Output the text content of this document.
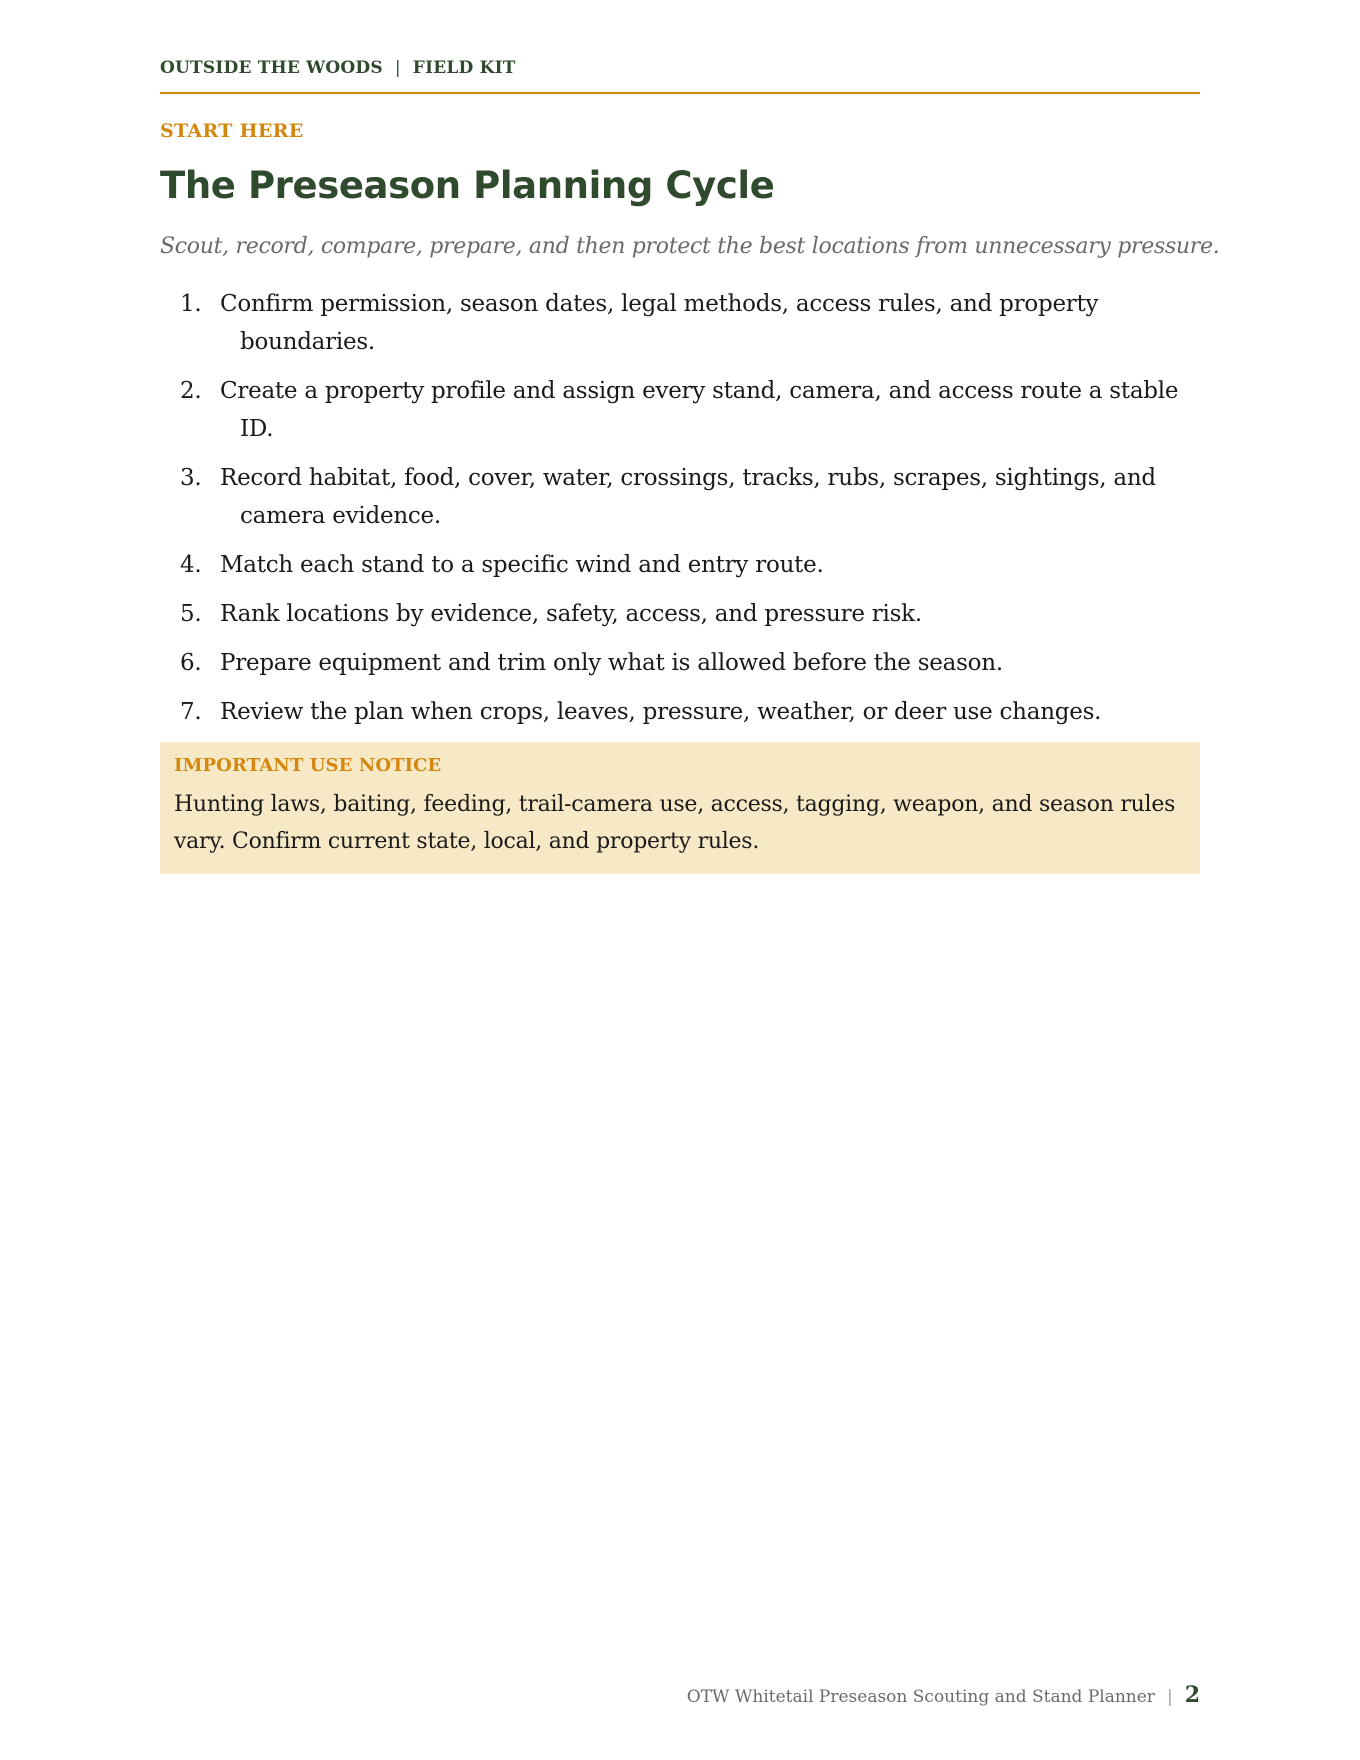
OUTSIDE THE WOODS | FIELD KIT
START HERE
The Preseason Planning Cycle
Scout, record, compare, prepare, and then protect the best locations from unnecessary pressure.
1. Confirm permission, season dates, legal methods, access rules, and property
boundaries.
2. Create a property profile and assign every stand, camera, and access route a stable
ID.
3. Record habitat, food, cover, water, crossings, tracks, rubs, scrapes, sightings, and
camera evidence.
4. Match each stand to a specific wind and entry route.
5. Rank locations by evidence, safety, access, and pressure risk.
6. Prepare equipment and trim only what is allowed before the season.
7. Review the plan when crops, leaves, pressure, weather, or deer use changes.
IMPORTANT USE NOTICE
Hunting laws, baiting, feeding, trail-camera use, access, tagging, weapon, and season rules vary. Confirm current state, local, and property rules.
OTW Whitetail Preseason Scouting and Stand Planner | 2
